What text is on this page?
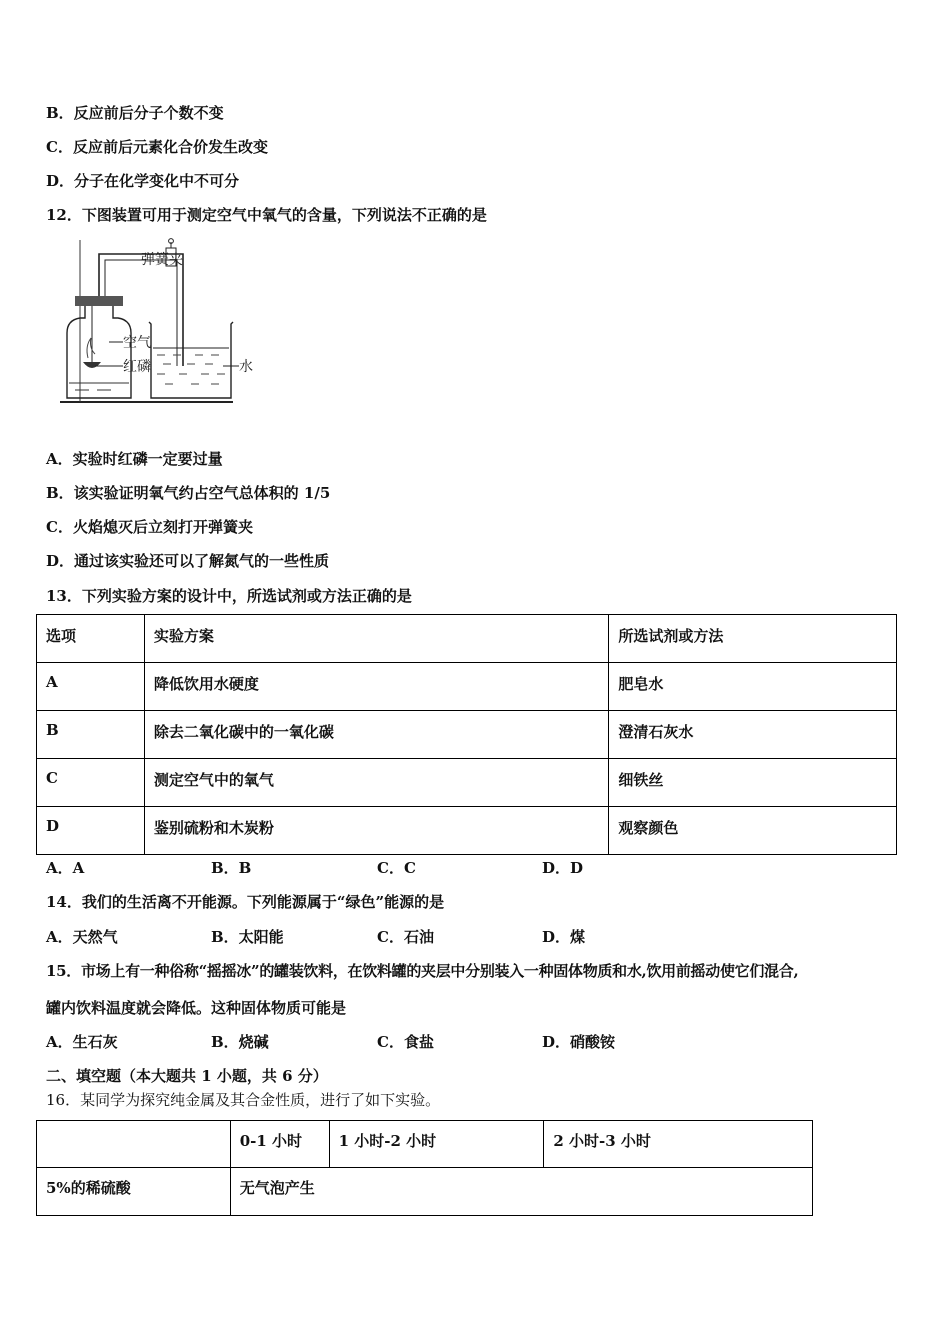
B．反应前后分子个数不变
C．反应前后元素化合价发生改变
D．分子在化学变化中不可分
12．下图装置可用于测定空气中氧气的含量，下列说法不正确的是
弹簧夹
空气
红磷	水
A．实验时红磷一定要过量
B．该实验证明氧气约占空气总体积的 1/5
C．火焰熄灭后立刻打开弹簧夹
D．通过该实验还可以了解氮气的一些性质
13．下列实验方案的设计中，所选试剂或方法正确的是
选项	实验方案	所选试剂或方法
A	降低饮用水硬度	肥皂水
B	除去二氧化碳中的一氧化碳	澄清石灰水
C	测定空气中的氧气	细铁丝
D	鉴别硫粉和木炭粉	观察颜色
A．A	B．B	C．C	D．D
14．我们的生活离不开能源。下列能源属于“绿色”能源的是
A．天然气	B．太阳能	C．石油	D．煤
15．市场上有一种俗称“摇摇冰”的罐装饮料，在饮料罐的夹层中分别装入一种固体物质和水,饮用前摇动使它们混合,
罐内饮料温度就会降低。这种固体物质可能是
A．生石灰	B．烧碱	C．食盐	D．硝酸铵
二、填空题（本大题共 1 小题，共 6 分）
16．某同学为探究纯金属及其合金性质，进行了如下实验。
	0-1 小时	1 小时-2 小时	2 小时-3 小时
5%的稀硫酸	无气泡产生		
